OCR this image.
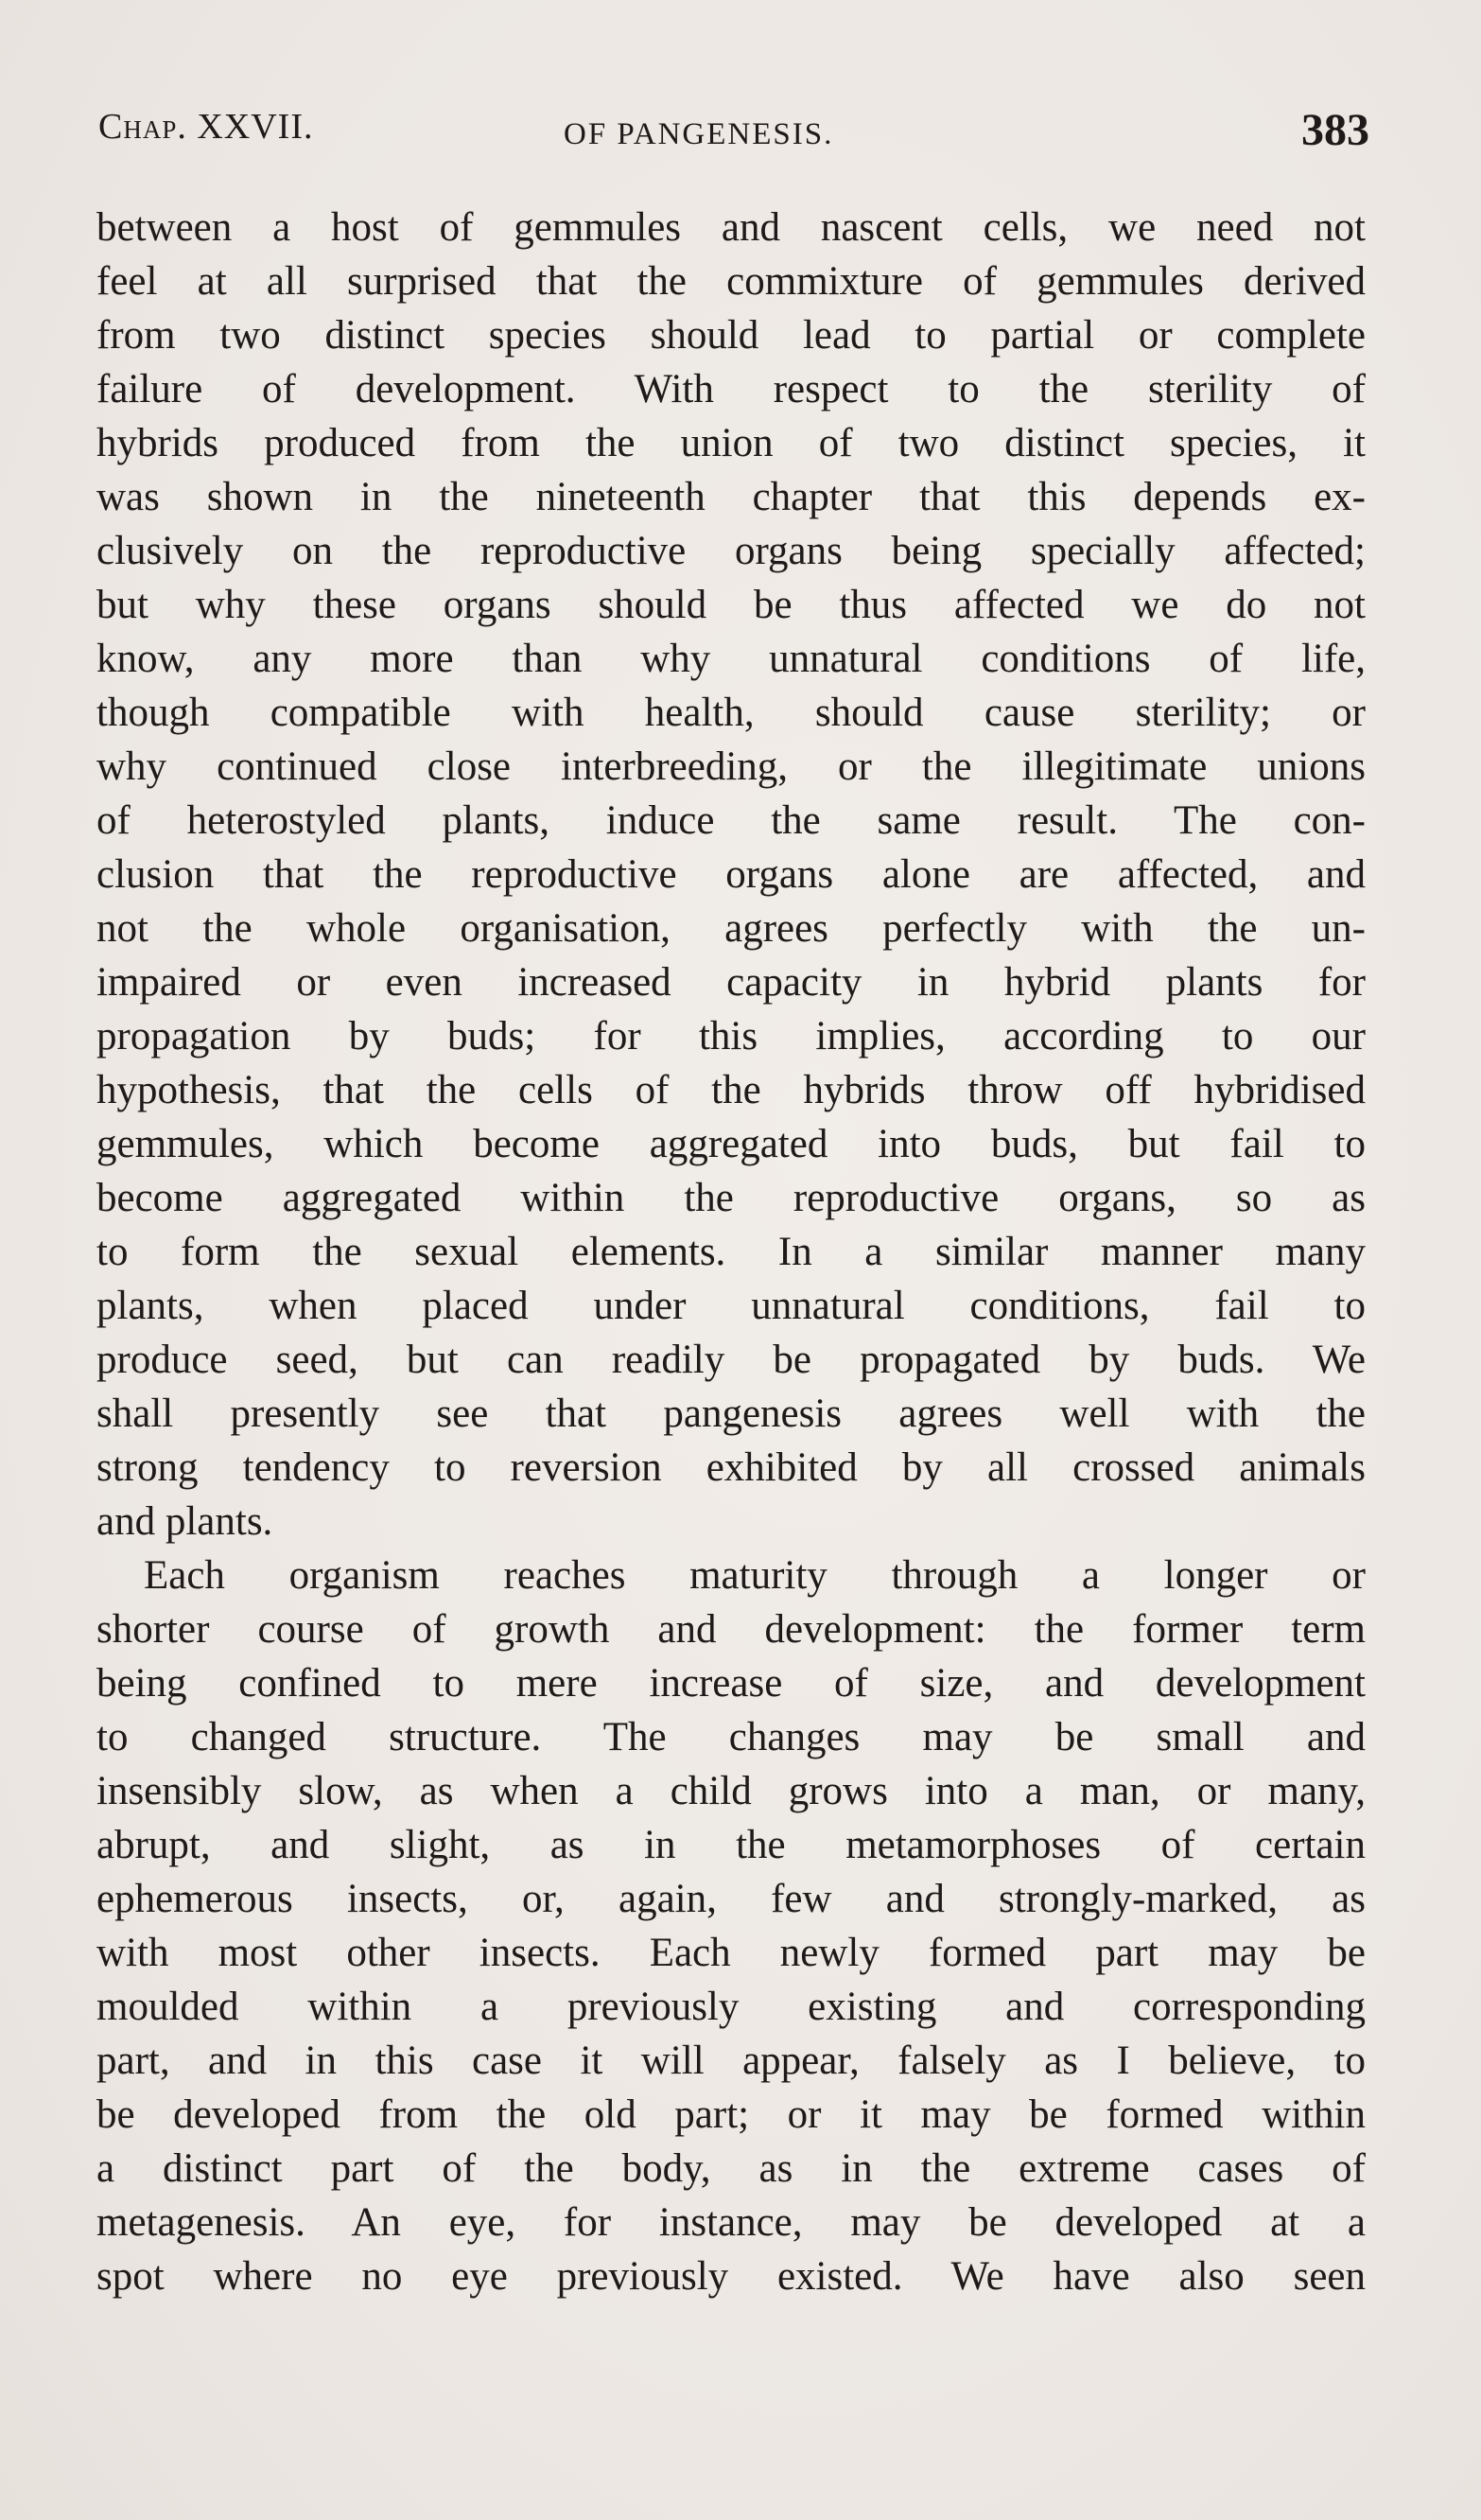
Chap. XXVII.	OF PANGENESIS.	383
between a host of gemmules and nascent cells, we need not
feel at all surprised that the commixture of gemmules derived
from two distinct species should lead to partial or complete
failure of development. With respect to the sterility of
hybrids produced from the union of two distinct species, it
was shown in the nineteenth chapter that this depends ex-
clusively on the reproductive organs being specially affected;
but why these organs should be thus affected we do not
know, any more than why unnatural conditions of life,
though compatible with health, should cause sterility; or
why continued close interbreeding, or the illegitimate unions
of heterostyled plants, induce the same result. The con-
clusion that the reproductive organs alone are affected, and
not the whole organisation, agrees perfectly with the un-
impaired or even increased capacity in hybrid plants for
propagation by buds; for this implies, according to our
hypothesis, that the cells of the hybrids throw off hybridised
gemmules, which become aggregated into buds, but fail to
become aggregated within the reproductive organs, so as
to form the sexual elements. In a similar manner many
plants, when placed under unnatural conditions, fail to
produce seed, but can readily be propagated by buds. We
shall presently see that pangenesis agrees well with the
strong tendency to reversion exhibited by all crossed animals
and plants.
Each organism reaches maturity through a longer or
shorter course of growth and development: the former term
being confined to mere increase of size, and development
to changed structure. The changes may be small and
insensibly slow, as when a child grows into a man, or many,
abrupt, and slight, as in the metamorphoses of certain
ephemerous insects, or, again, few and strongly-marked, as
with most other insects. Each newly formed part may be
moulded within a previously existing and corresponding
part, and in this case it will appear, falsely as I believe, to
be developed from the old part; or it may be formed within
a distinct part of the body, as in the extreme cases of
metagenesis. An eye, for instance, may be developed at a
spot where no eye previously existed. We have also seen
